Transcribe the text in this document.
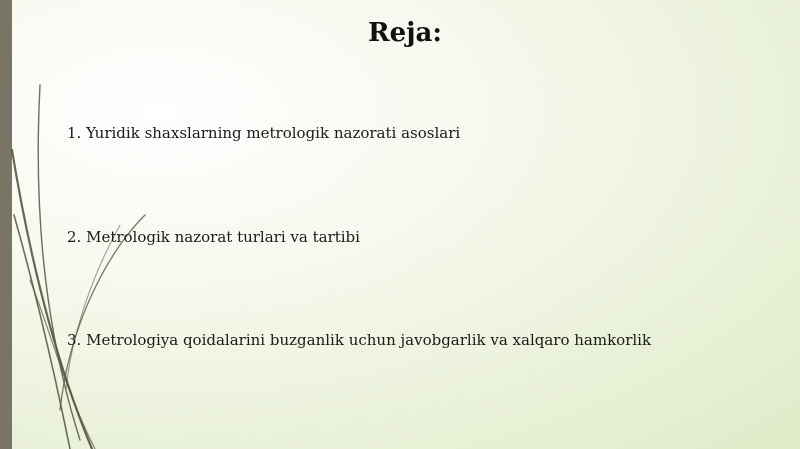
Reja:
1. Yuridik shaxslarning metrologik nazorati asoslari
2. Metrologik nazorat turlari va tartibi
3. Metrologiya qoidalarini buzganlik uchun javobgarlik va xalqaro hamkorlik
